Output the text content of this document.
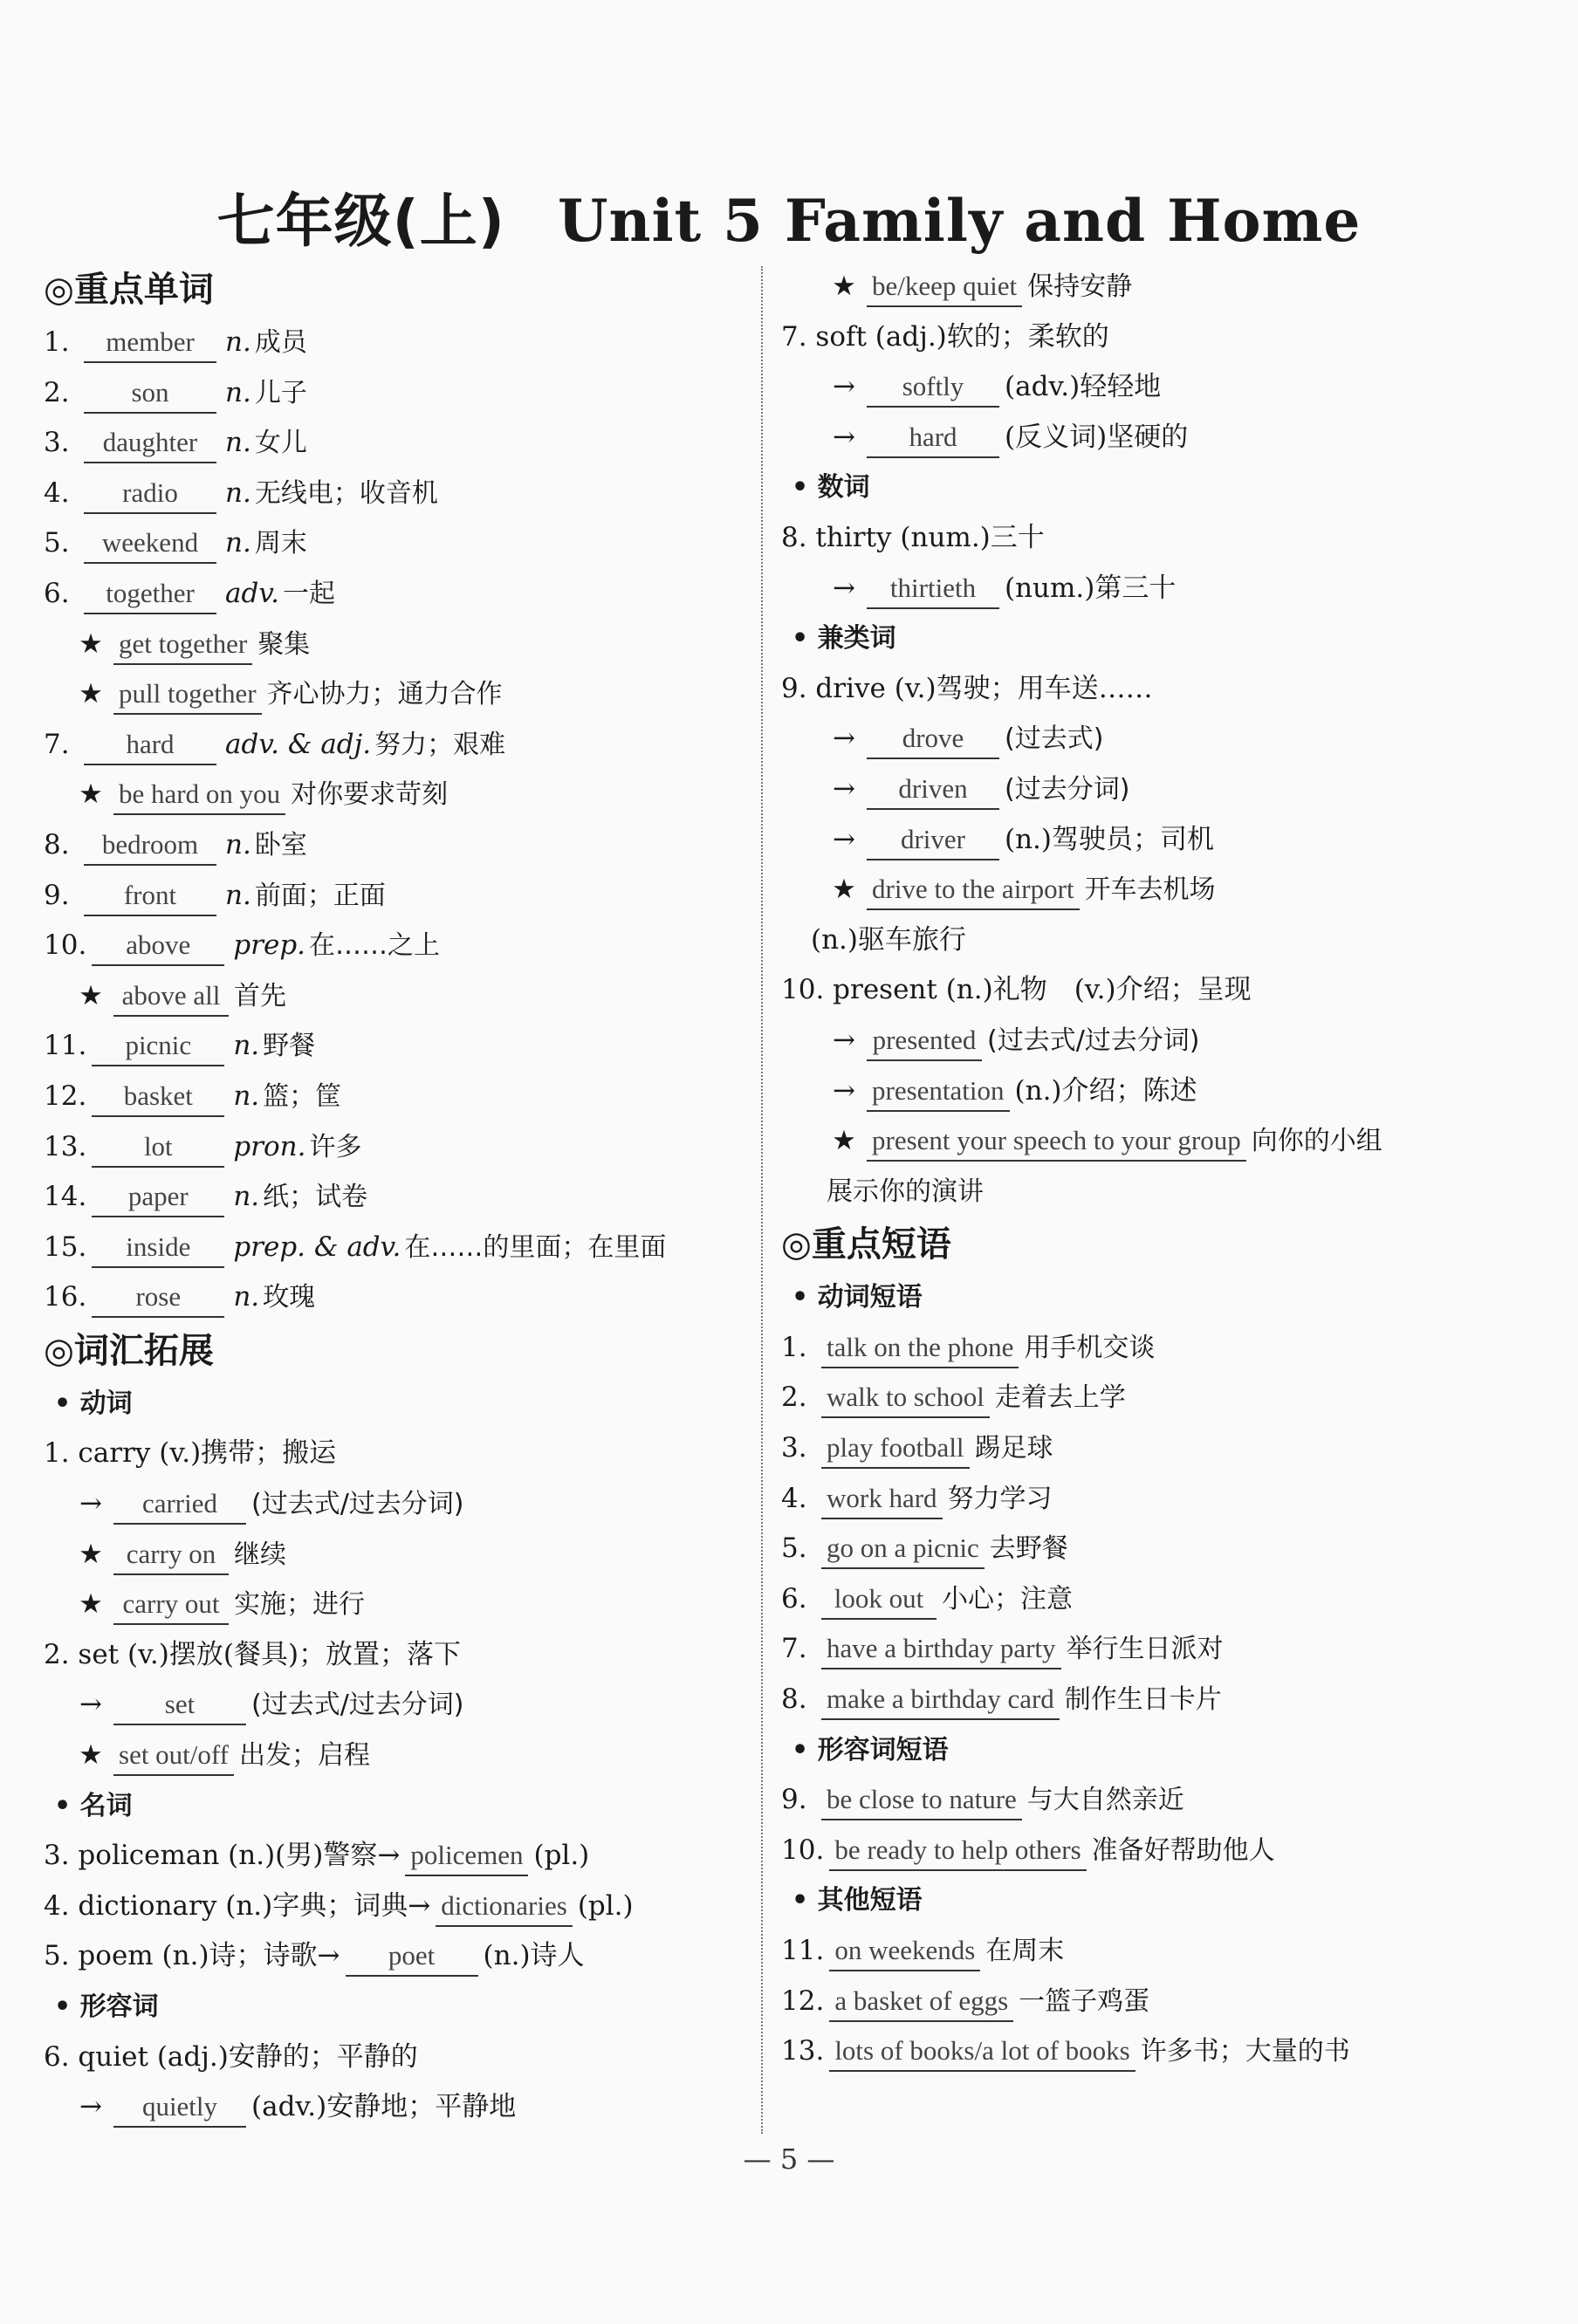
七年级(上) Unit 5 Family and Home
◎重点单词
1. member n. 成员
2. son n. 儿子
3. daughter n. 女儿
4. radio n. 无线电；收音机
5. weekend n. 周末
6. together adv. 一起
★ get together 聚集
★ pull together 齐心协力；通力合作
7. hard adv. & adj. 努力；艰难
★ be hard on you 对你要求苛刻
8. bedroom n. 卧室
9. front n. 前面；正面
10. above prep. 在……之上
★ above all 首先
11. picnic n. 野餐
12. basket n. 篮；筐
13. lot pron. 许多
14. paper n. 纸；试卷
15. inside prep. & adv. 在……的里面；在里面
16. rose n. 玫瑰
◎词汇拓展
• 动词
1. carry (v.)携带；搬运
→ carried (过去式/过去分词)
★ carry on 继续
★ carry out 实施；进行
2. set (v.)摆放(餐具)；放置；落下
→ set (过去式/过去分词)
★ set out/off 出发；启程
• 名词
3. policeman (n.)(男)警察→ policemen (pl.)
4. dictionary (n.)字典；词典→ dictionaries (pl.)
5. poem (n.)诗；诗歌→ poet (n.)诗人
• 形容词
6. quiet (adj.)安静的；平静的
→ quietly (adv.)安静地；平静地
★ be/keep quiet 保持安静
7. soft (adj.)软的；柔软的
→ softly (adv.)轻轻地
→ hard (反义词)坚硬的
• 数词
8. thirty (num.)三十
→ thirtieth (num.)第三十
• 兼类词
9. drive (v.)驾驶；用车送……
→ drove (过去式)
→ driven (过去分词)
→ driver (n.)驾驶员；司机
★ drive to the airport 开车去机场
(n.)驱车旅行
10. present (n.)礼物　(v.)介绍；呈现
→ presented (过去式/过去分词)
→ presentation (n.)介绍；陈述
★ present your speech to your group 向你的小组
展示你的演讲
◎重点短语
• 动词短语
1. talk on the phone 用手机交谈
2. walk to school 走着去上学
3. play football 踢足球
4. work hard 努力学习
5. go on a picnic 去野餐
6. look out 小心；注意
7. have a birthday party 举行生日派对
8. make a birthday card 制作生日卡片
• 形容词短语
9. be close to nature 与大自然亲近
10. be ready to help others 准备好帮助他人
• 其他短语
11. on weekends 在周末
12. a basket of eggs 一篮子鸡蛋
13. lots of books/a lot of books 许多书；大量的书
— 5 —
